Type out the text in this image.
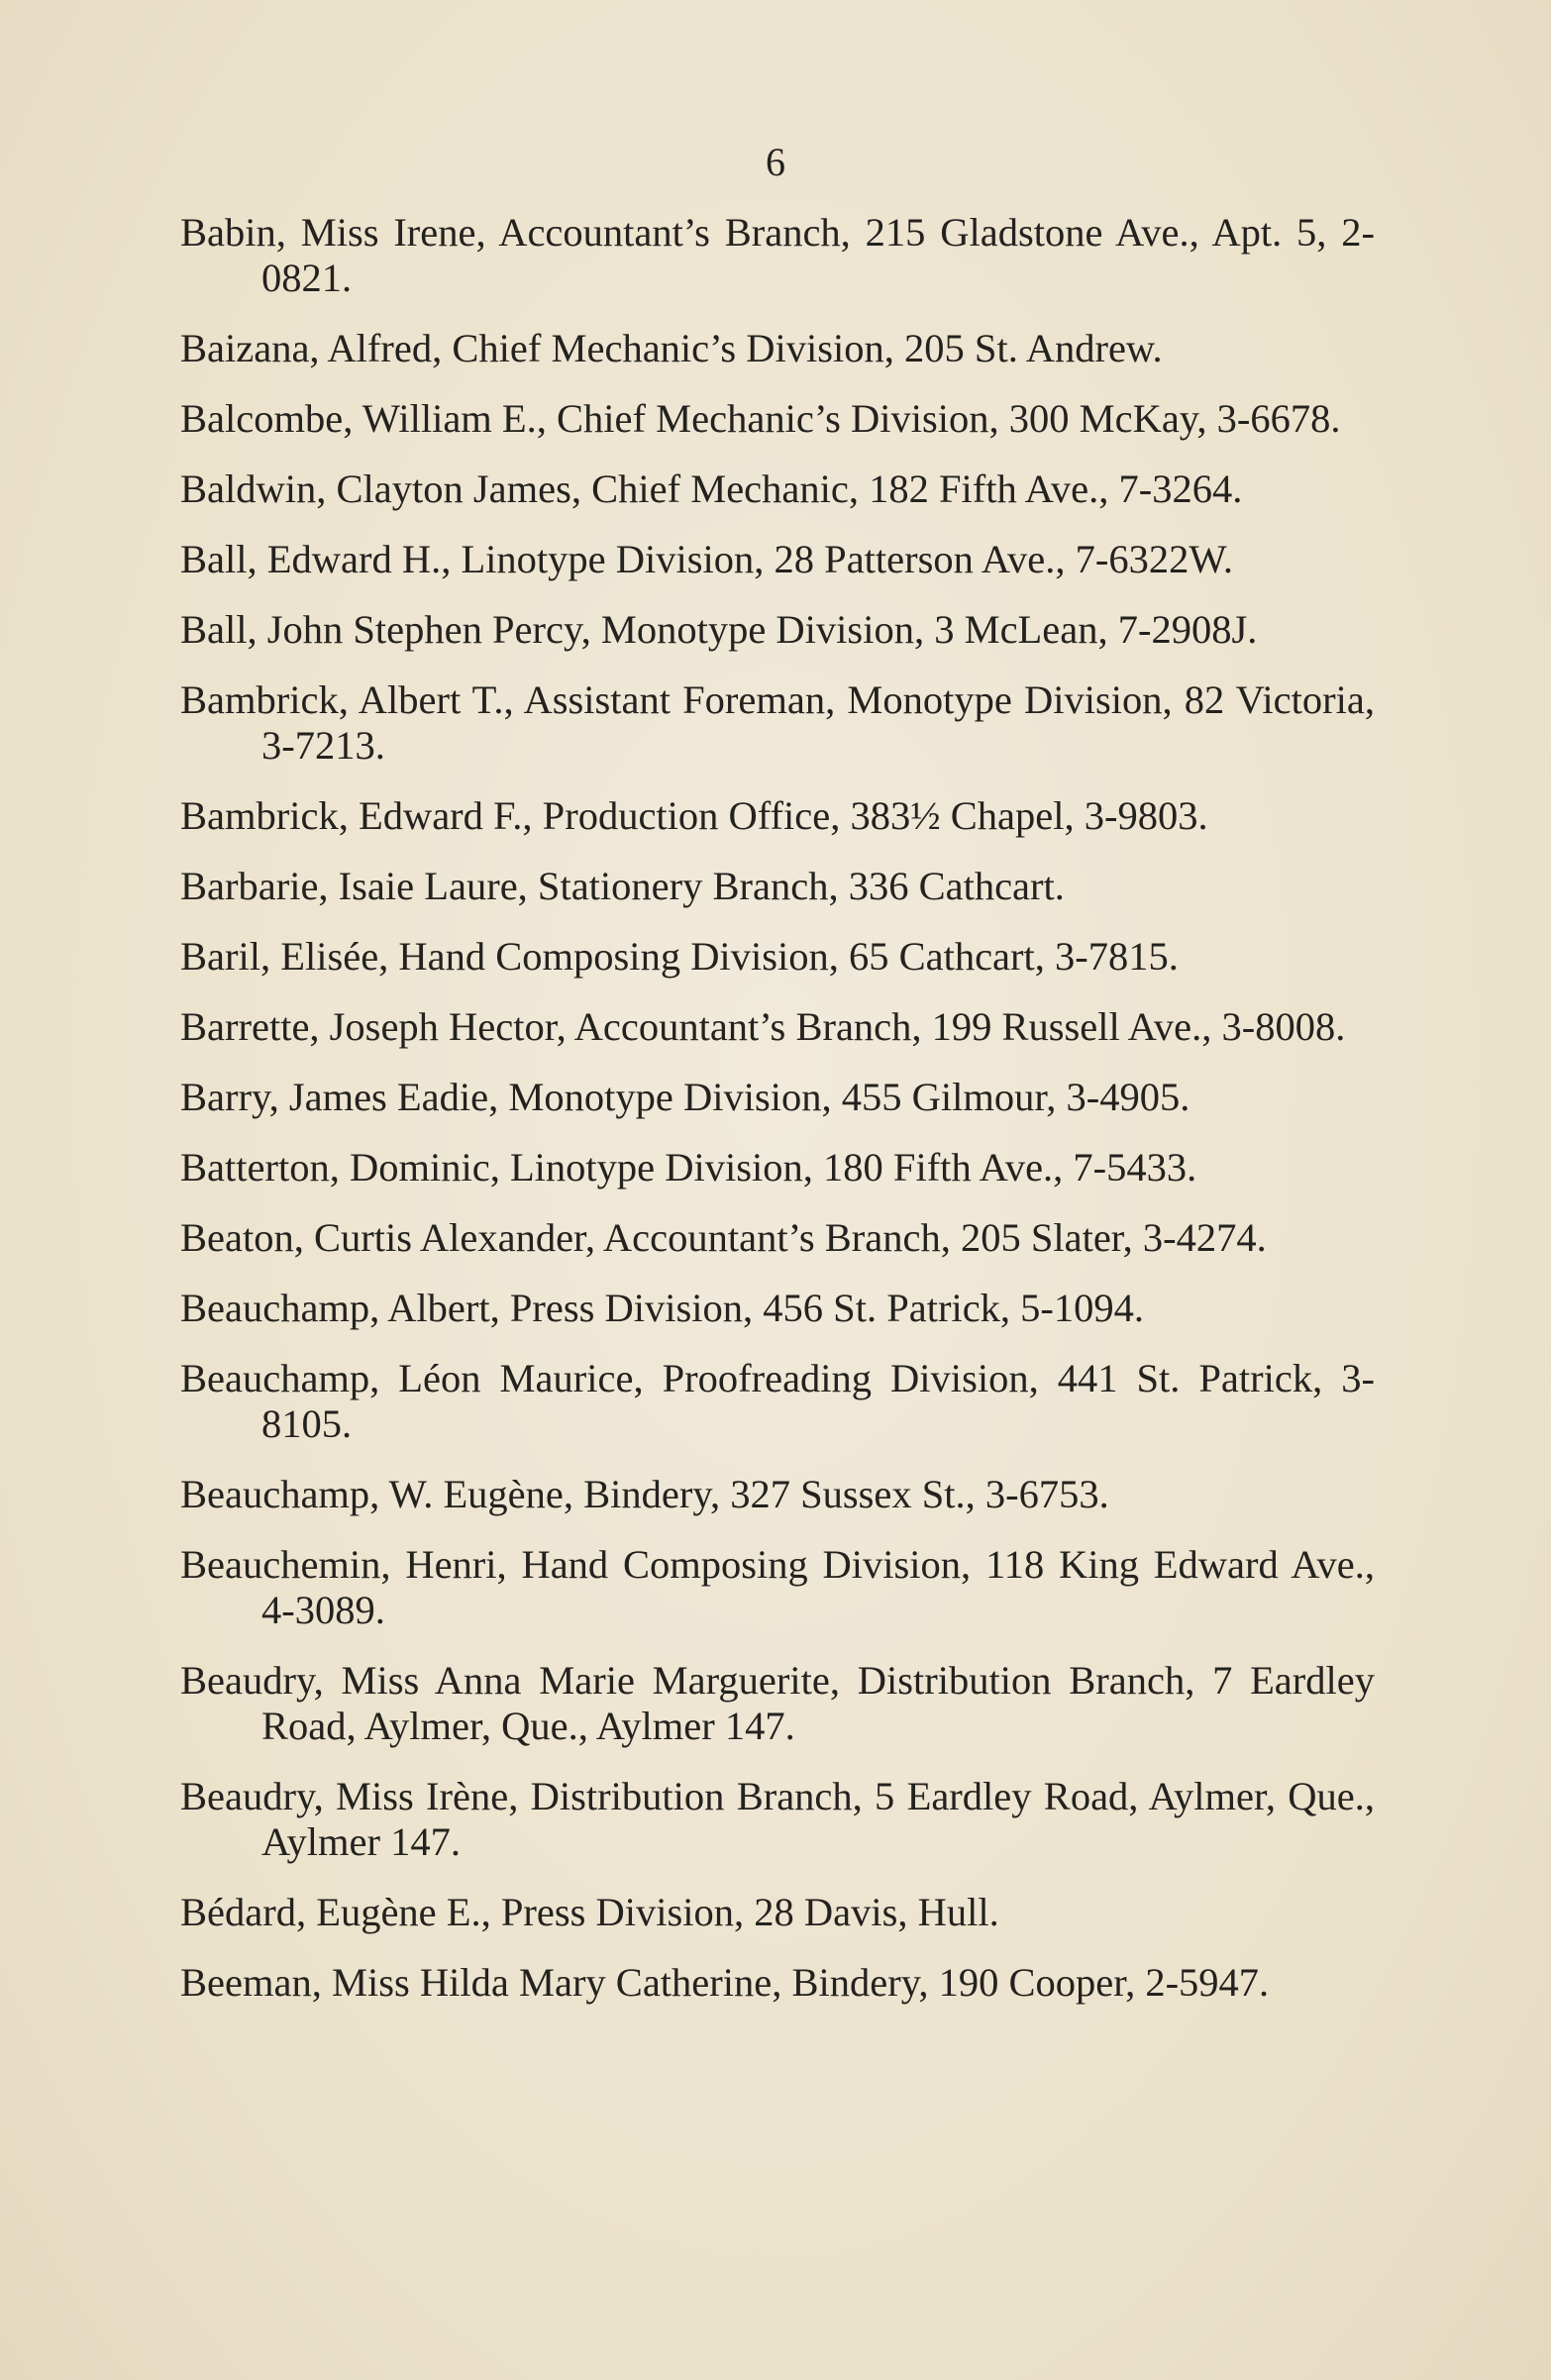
6

Babin, Miss Irene, Accountant’s Branch, 215 Gladstone Ave., Apt. 5, 2-0821.

Baizana, Alfred, Chief Mechanic’s Division, 205 St. Andrew.

Balcombe, William E., Chief Mechanic’s Division, 300 McKay, 3-6678.

Baldwin, Clayton James, Chief Mechanic, 182 Fifth Ave., 7-3264.

Ball, Edward H., Linotype Division, 28 Patterson Ave., 7-6322W.

Ball, John Stephen Percy, Monotype Division, 3 McLean, 7-2908J.

Bambrick, Albert T., Assistant Foreman, Monotype Division, 82 Victoria, 3-7213.

Bambrick, Edward F., Production Office, 383½ Chapel, 3-9803.

Barbarie, Isaie Laure, Stationery Branch, 336 Cathcart.

Baril, Elisée, Hand Composing Division, 65 Cathcart, 3-7815.

Barrette, Joseph Hector, Accountant’s Branch, 199 Russell Ave., 3-8008.

Barry, James Eadie, Monotype Division, 455 Gilmour, 3-4905.

Batterton, Dominic, Linotype Division, 180 Fifth Ave., 7-5433.

Beaton, Curtis Alexander, Accountant’s Branch, 205 Slater, 3-4274.

Beauchamp, Albert, Press Division, 456 St. Patrick, 5-1094.

Beauchamp, Léon Maurice, Proofreading Division, 441 St. Patrick, 3-8105.

Beauchamp, W. Eugène, Bindery, 327 Sussex St., 3-6753.

Beauchemin, Henri, Hand Composing Division, 118 King Edward Ave., 4-3089.

Beaudry, Miss Anna Marie Marguerite, Distribution Branch, 7 Eardley Road, Aylmer, Que., Aylmer 147.

Beaudry, Miss Irène, Distribution Branch, 5 Eardley Road, Aylmer, Que., Aylmer 147.

Bédard, Eugène E., Press Division, 28 Davis, Hull.

Beeman, Miss Hilda Mary Catherine, Bindery, 190 Cooper, 2-5947.
